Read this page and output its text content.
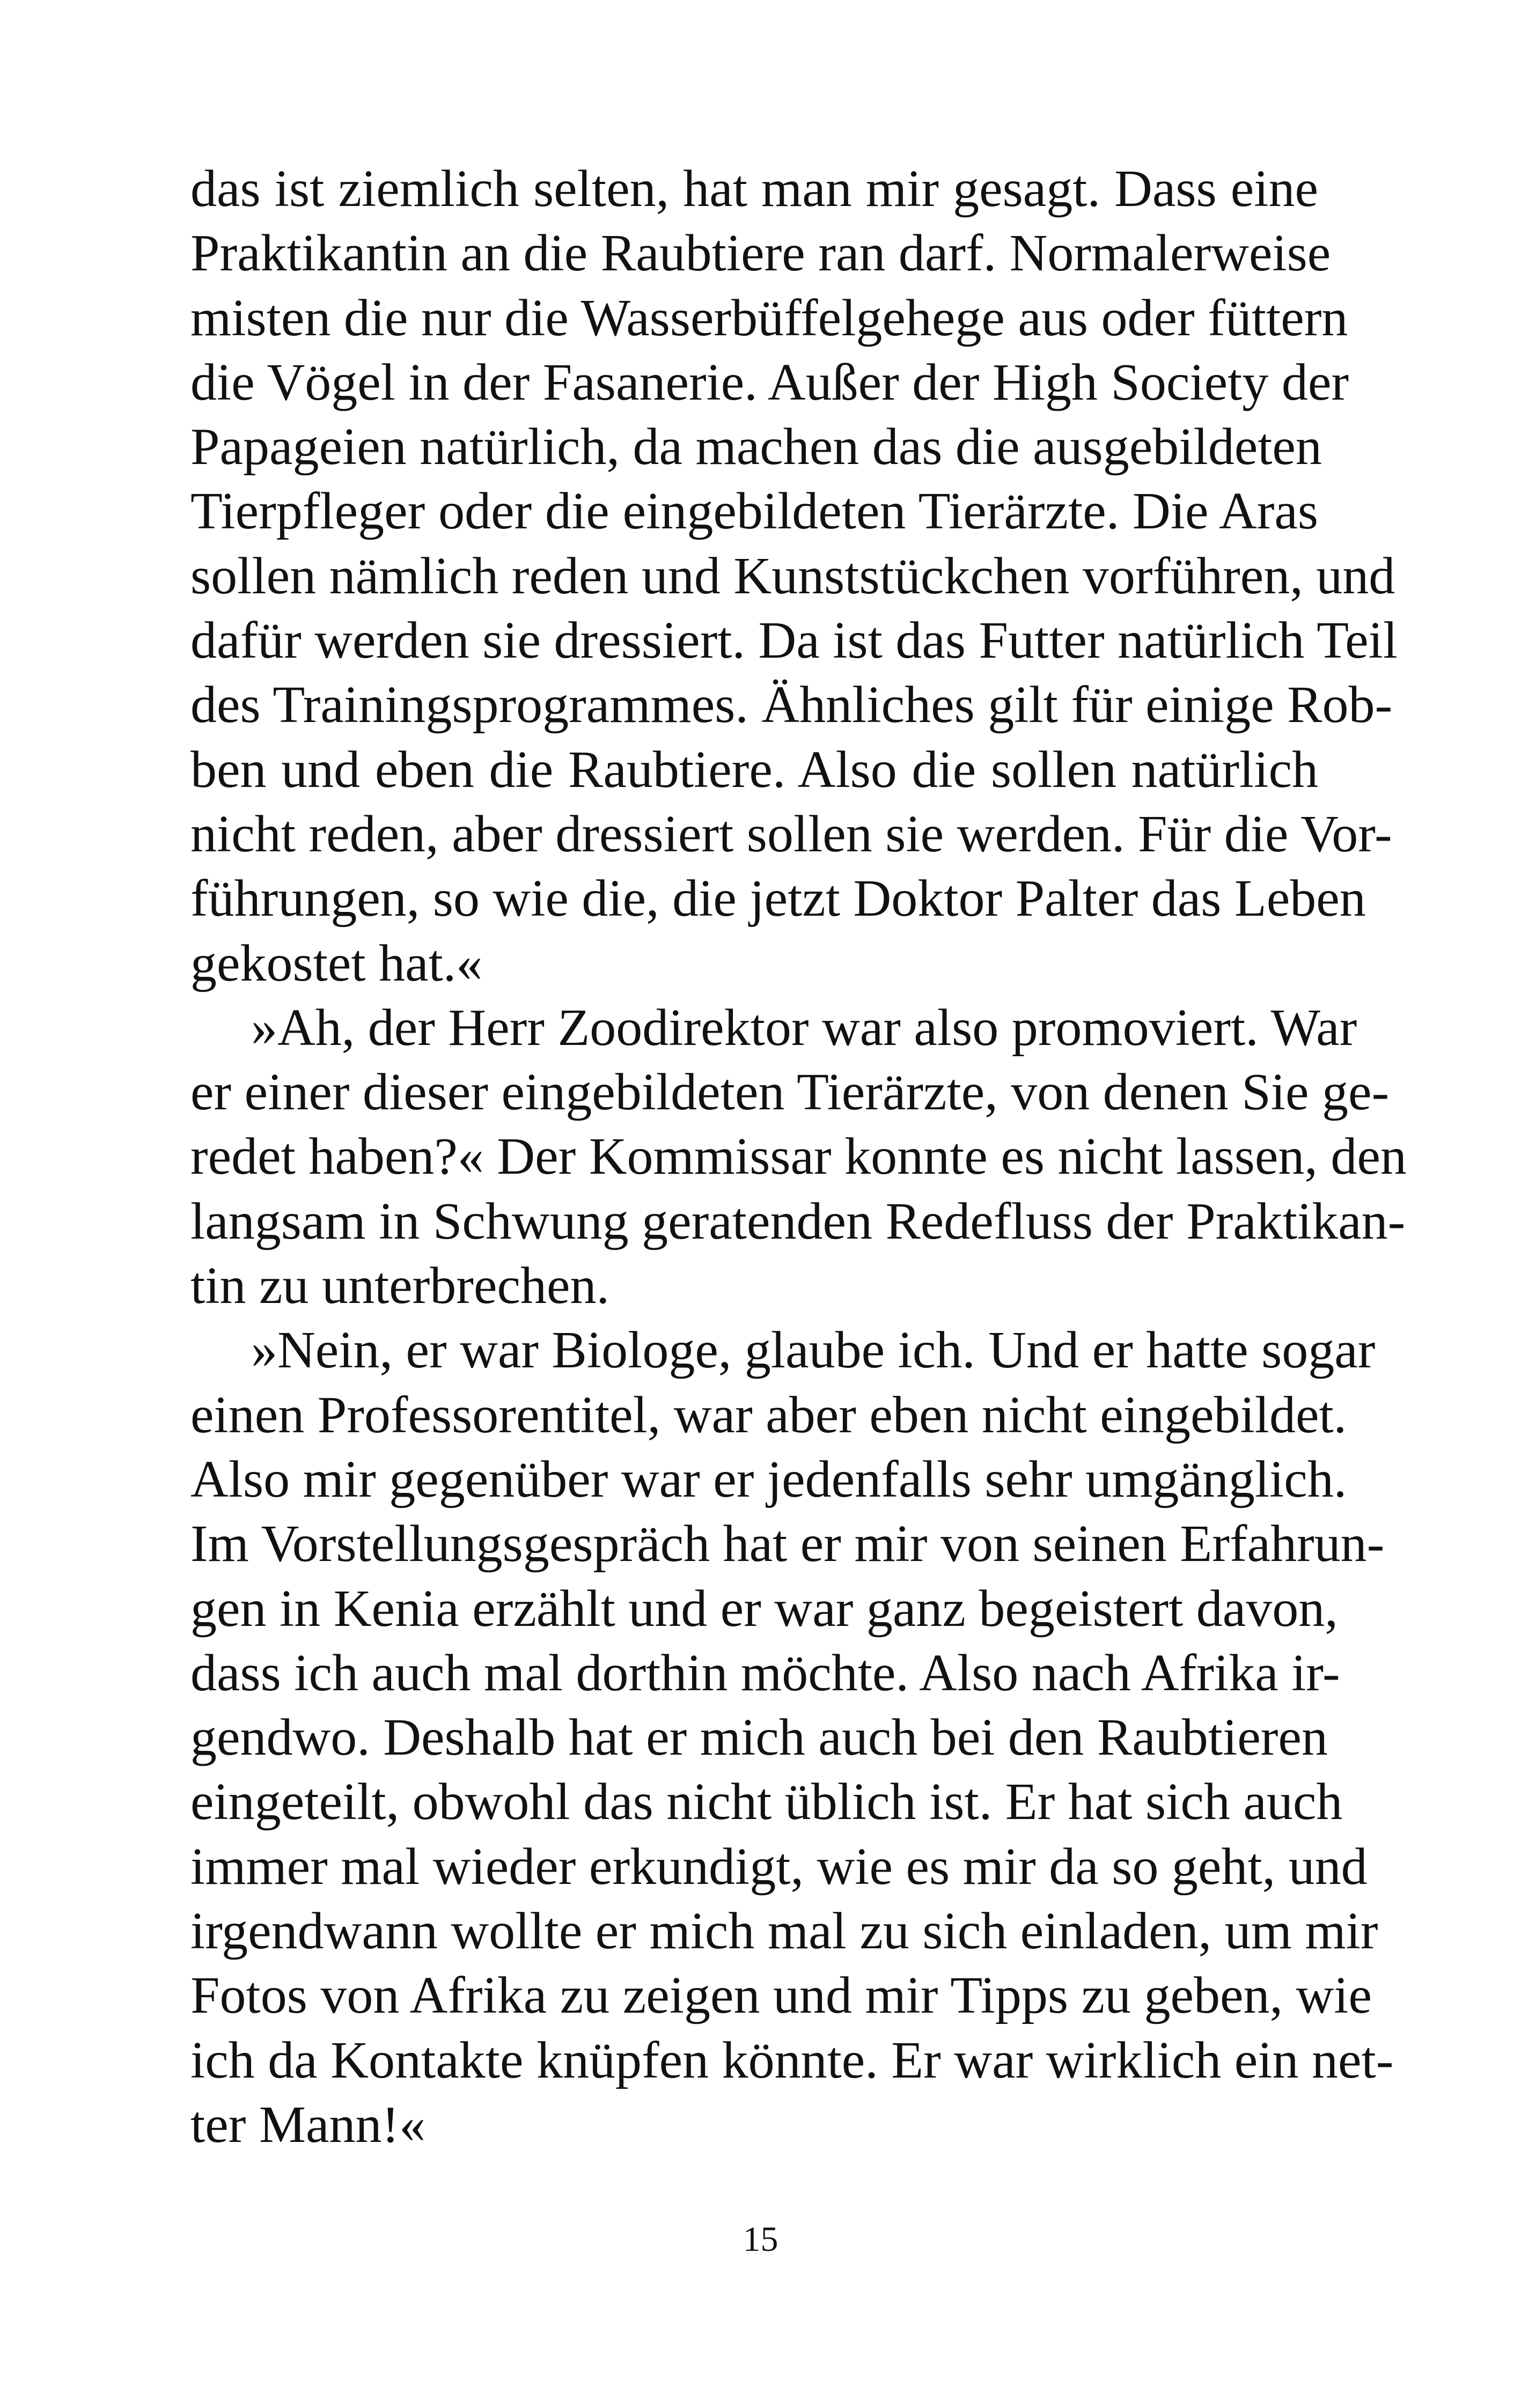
das ist ziemlich selten, hat man mir gesagt. Dass eine
Praktikantin an die Raubtiere ran darf. Normalerweise
misten die nur die Wasserbüffelgehege aus oder füttern
die Vögel in der Fasanerie. Außer der High Society der
Papageien natürlich, da machen das die ausgebildeten
Tierpfleger oder die eingebildeten Tierärzte. Die Aras
sollen nämlich reden und Kunststückchen vorführen, und
dafür werden sie dressiert. Da ist das Futter natürlich Teil
des Trainingsprogrammes. Ähnliches gilt für einige Rob-
ben und eben die Raubtiere. Also die sollen natürlich
nicht reden, aber dressiert sollen sie werden. Für die Vor-
führungen, so wie die, die jetzt Doktor Palter das Leben
gekostet hat.«
»Ah, der Herr Zoodirektor war also promoviert. War
er einer dieser eingebildeten Tierärzte, von denen Sie ge-
redet haben?« Der Kommissar konnte es nicht lassen, den
langsam in Schwung geratenden Redefluss der Praktikan-
tin zu unterbrechen.
»Nein, er war Biologe, glaube ich. Und er hatte sogar
einen Professorentitel, war aber eben nicht eingebildet.
Also mir gegenüber war er jedenfalls sehr umgänglich.
Im Vorstellungsgespräch hat er mir von seinen Erfahrun-
gen in Kenia erzählt und er war ganz begeistert davon,
dass ich auch mal dorthin möchte. Also nach Afrika ir-
gendwo. Deshalb hat er mich auch bei den Raubtieren
eingeteilt, obwohl das nicht üblich ist. Er hat sich auch
immer mal wieder erkundigt, wie es mir da so geht, und
irgendwann wollte er mich mal zu sich einladen, um mir
Fotos von Afrika zu zeigen und mir Tipps zu geben, wie
ich da Kontakte knüpfen könnte. Er war wirklich ein net-
ter Mann!«
15
